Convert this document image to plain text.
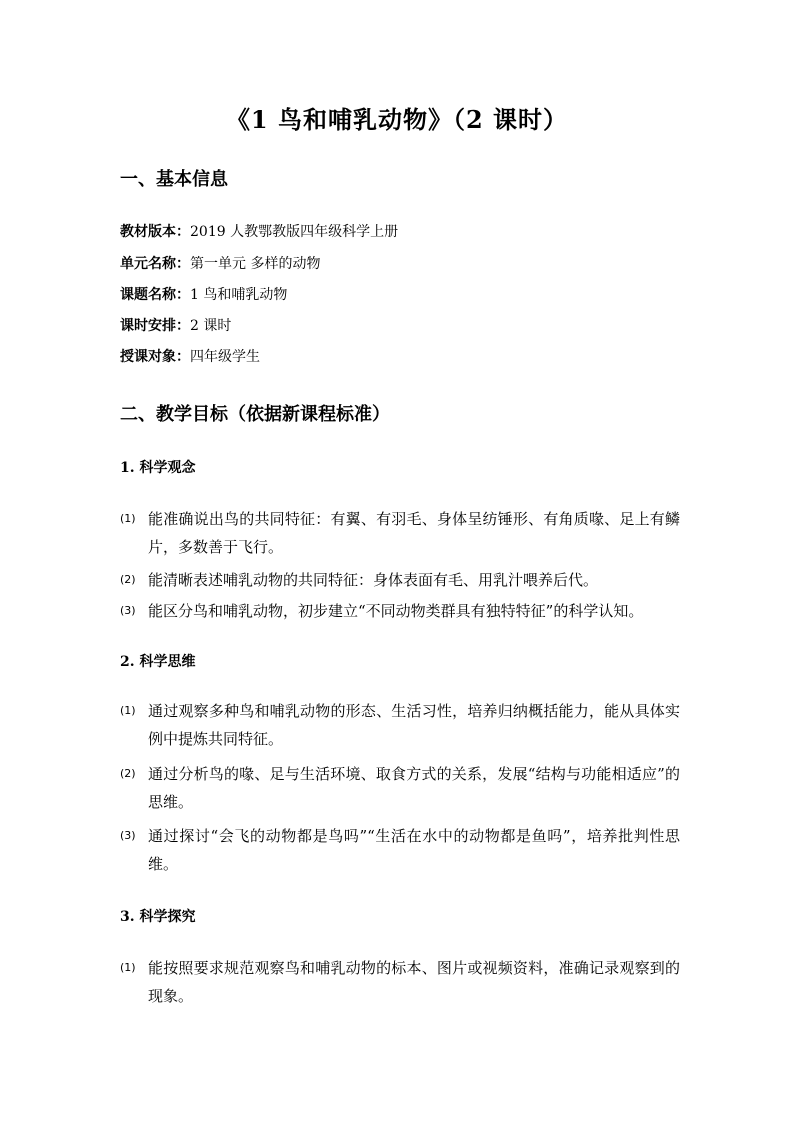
《1 鸟和哺乳动物》（2 课时）
一、基本信息
教材版本：2019 人教鄂教版四年级科学上册
单元名称：第一单元 多样的动物
课题名称：1 鸟和哺乳动物
课时安排：2 课时
授课对象：四年级学生
二、教学目标（依据新课程标准）
1. 科学观念
(1) 能准确说出鸟的共同特征：有翼、有羽毛、身体呈纺锤形、有角质喙、足上有鳞片，多数善于飞行。
(2) 能清晰表述哺乳动物的共同特征：身体表面有毛、用乳汁喂养后代。
(3) 能区分鸟和哺乳动物，初步建立“不同动物类群具有独特特征”的科学认知。
2. 科学思维
(1) 通过观察多种鸟和哺乳动物的形态、生活习性，培养归纳概括能力，能从具体实例中提炼共同特征。
(2) 通过分析鸟的喙、足与生活环境、取食方式的关系，发展“结构与功能相适应”的思维。
(3) 通过探讨“会飞的动物都是鸟吗”“生活在水中的动物都是鱼吗”，培养批判性思维。
3. 科学探究
(1) 能按照要求规范观察鸟和哺乳动物的标本、图片或视频资料，准确记录观察到的现象。
